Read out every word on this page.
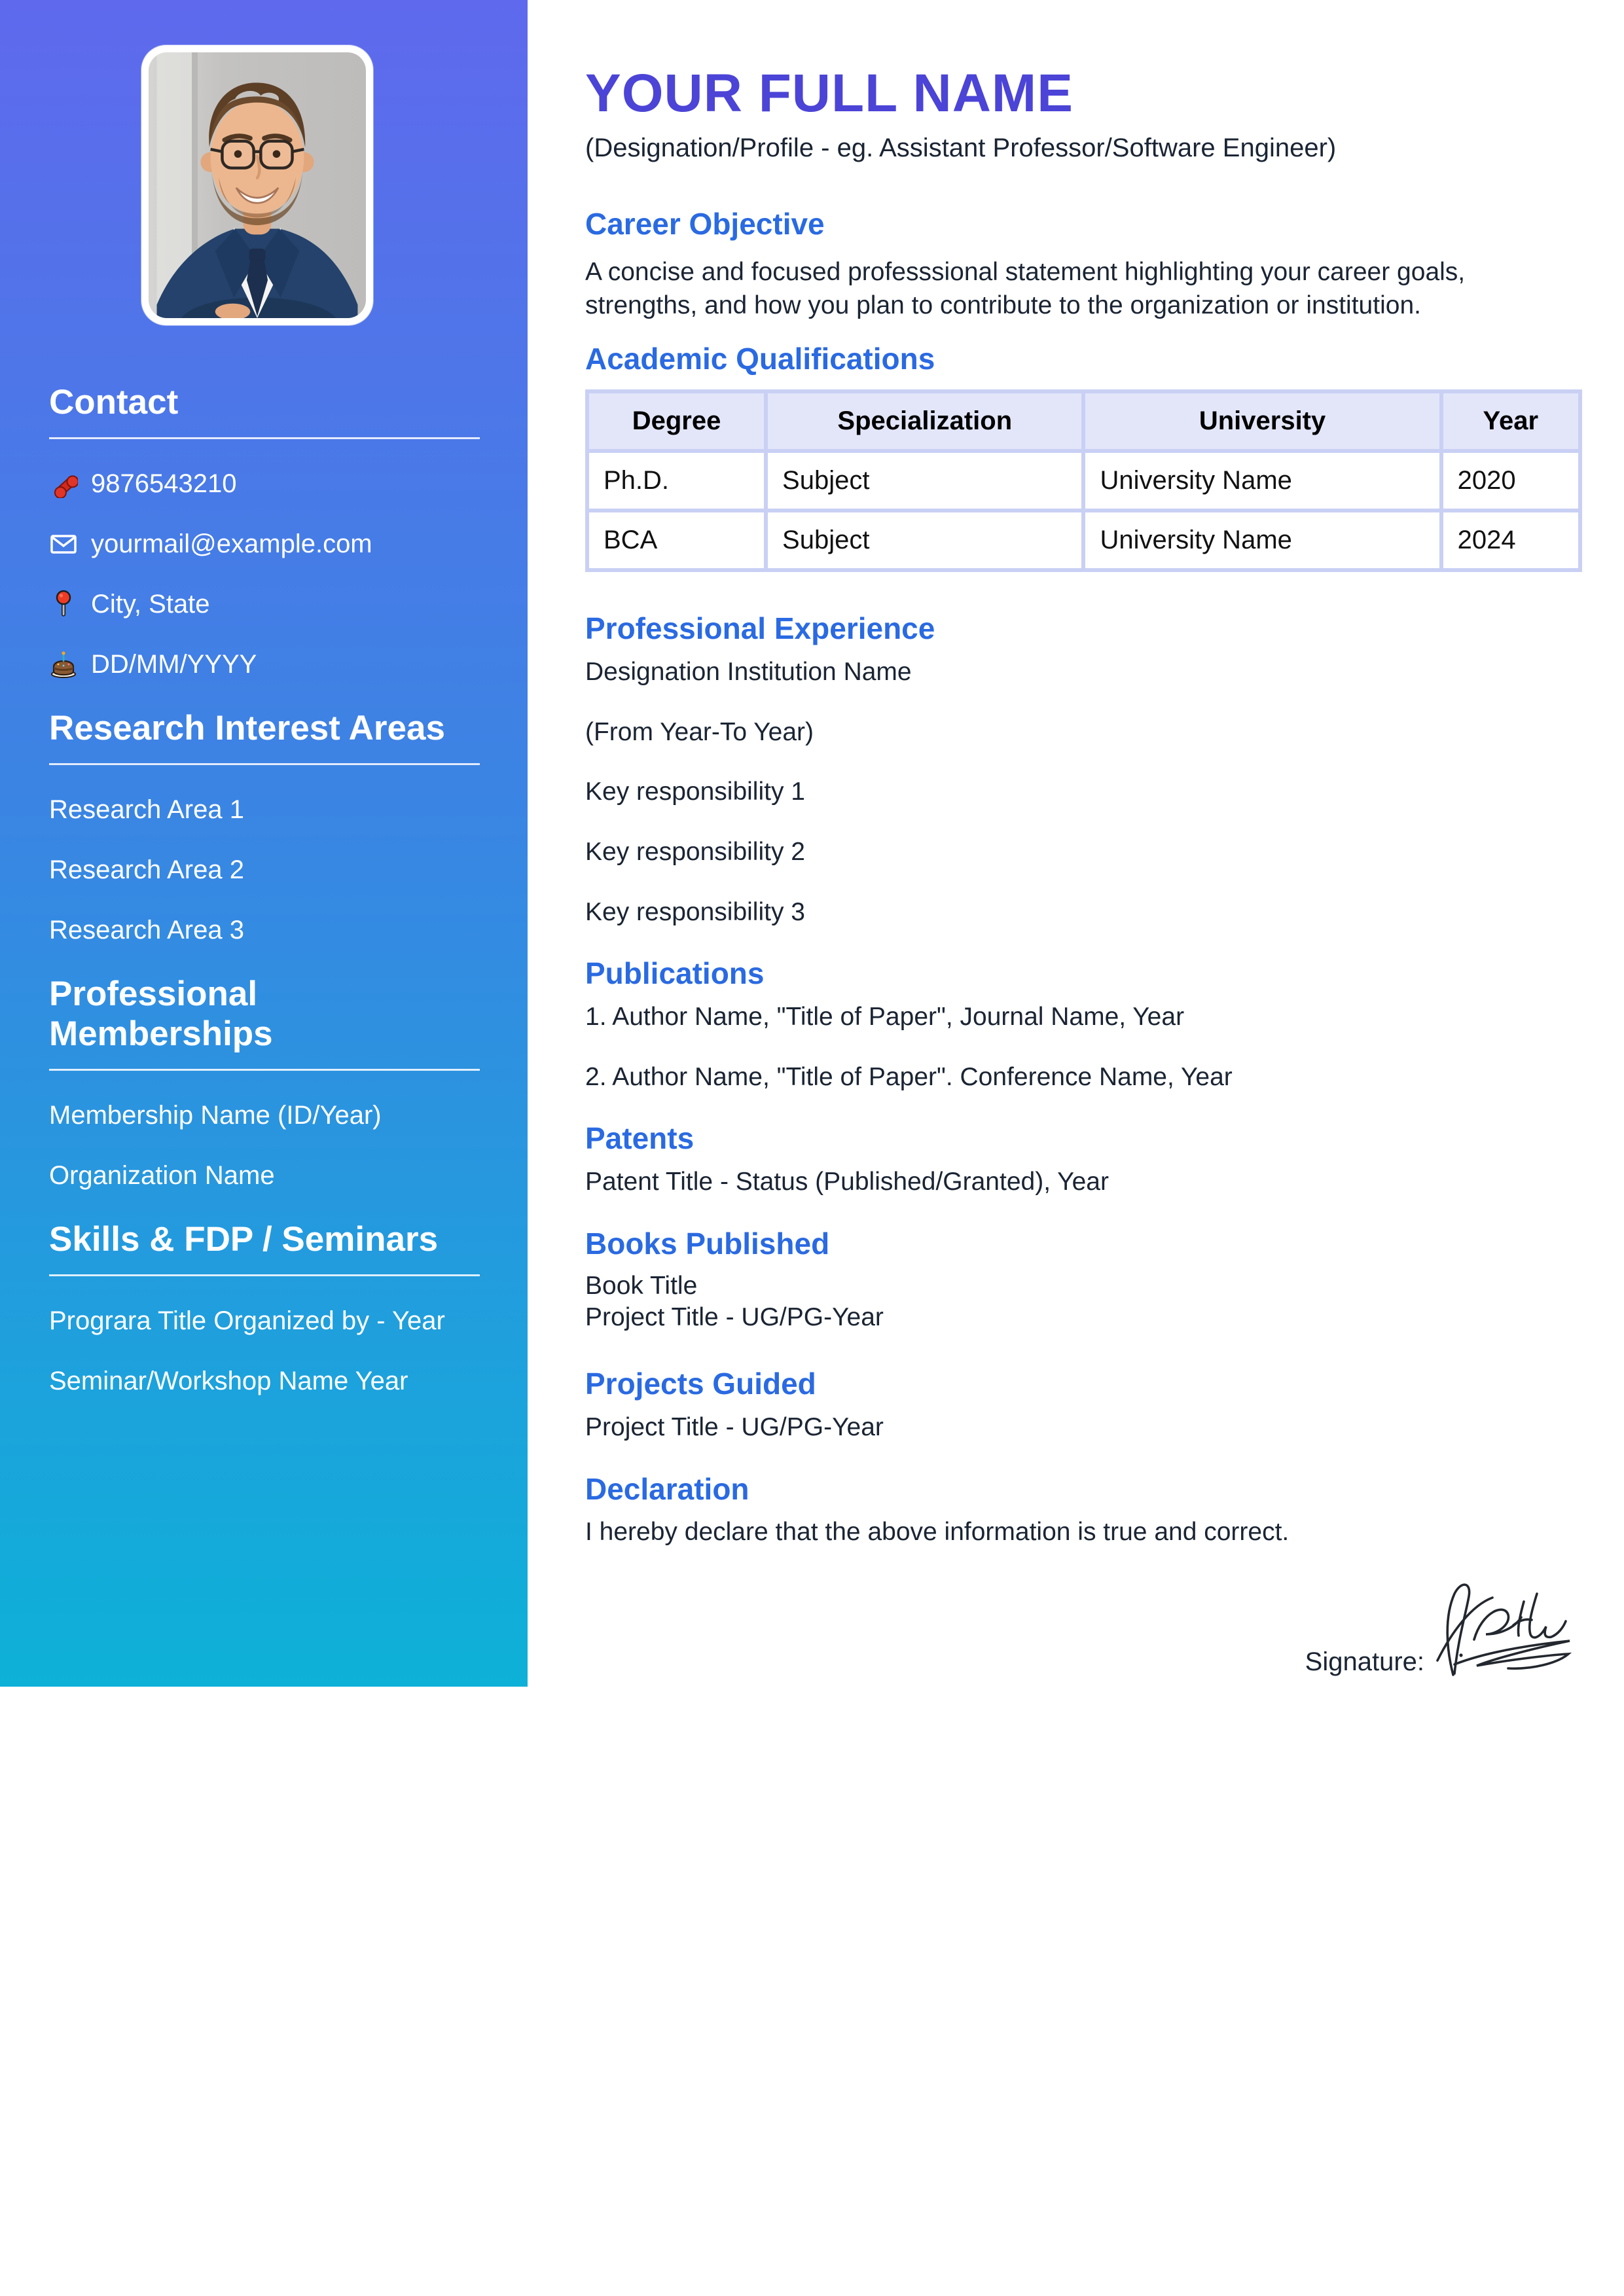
Contact
9876543210
yourmail@example.com
City, State
DD/MM/YYYY
Research Interest Areas
Research Area 1
Research Area 2
Research Area 3
Professional Memberships
Membership Name (ID/Year)
Organization Name
Skills & FDP / Seminars
Prograra Title Organized by - Year
Seminar/Workshop Name Year
YOUR FULL NAME
(Designation/Profile - eg. Assistant Professor/Software Engineer)
Career Objective

A concise and focused professsional statement highlighting your career goals, strengths, and how you plan to contribute to the organization or institution.

Academic Qualifications
Degree	Specialization	University	Year
Ph.D.	Subject	University Name	2020
BCA	Subject	University Name	2024
Professional Experience
Designation Institution Name
(From Year-To Year)
Key responsibility 1
Key responsibility 2
Key responsibility 3
Publications
1. Author Name, "Title of Paper", Journal Name, Year
2. Author Name, "Title of Paper". Conference Name, Year
Patents
Patent Title - Status (Published/Granted), Year
Books Published
Book Title
Project Title - UG/PG-Year
Projects Guided
Project Title - UG/PG-Year
Declaration
I hereby declare that the above information is true and correct.
Signature:
